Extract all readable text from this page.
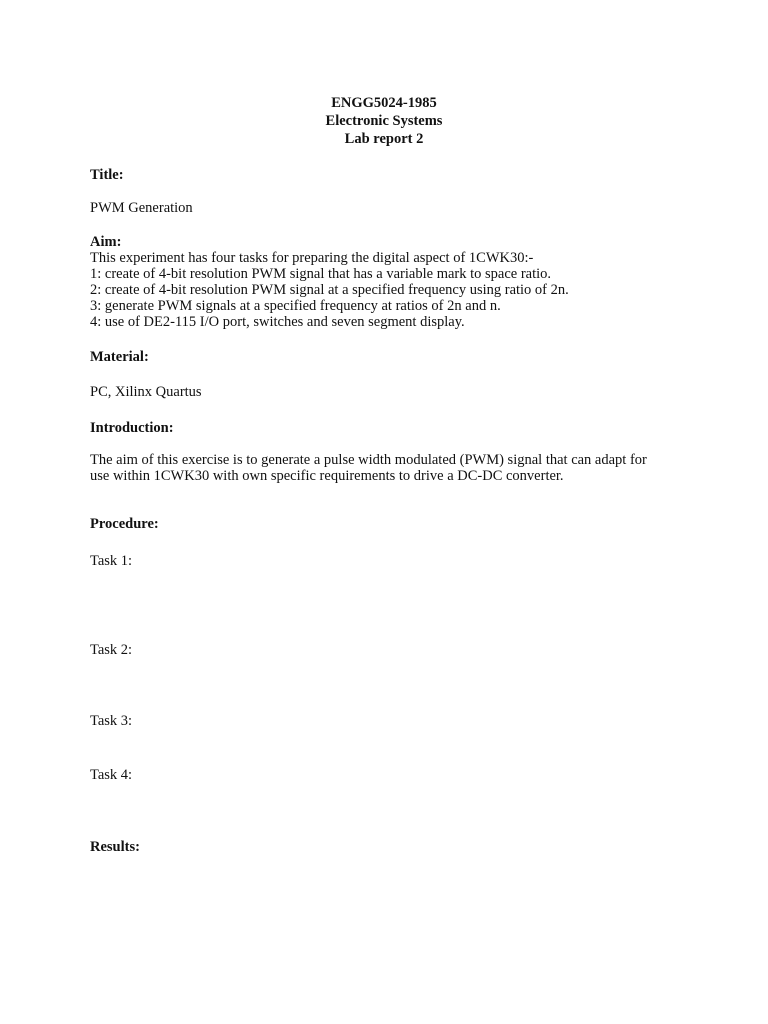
ENGG5024-1985
Electronic Systems
Lab report 2
Title:
PWM Generation
Aim:
This experiment has four tasks for preparing the digital aspect of 1CWK30:-
1: create of 4-bit resolution PWM signal that has a variable mark to space ratio.
2: create of 4-bit resolution PWM signal at a specified frequency using ratio of 2n.
3: generate PWM signals at a specified frequency at ratios of 2n and n.
4: use of DE2-115 I/O port, switches and seven segment display.
Material:
PC, Xilinx Quartus
Introduction:
The aim of this exercise is to generate a pulse width modulated (PWM) signal that can adapt for
use within 1CWK30 with own specific requirements to drive a DC-DC converter.
Procedure:
Task 1:
Task 2:
Task 3:
Task 4:
Results:
